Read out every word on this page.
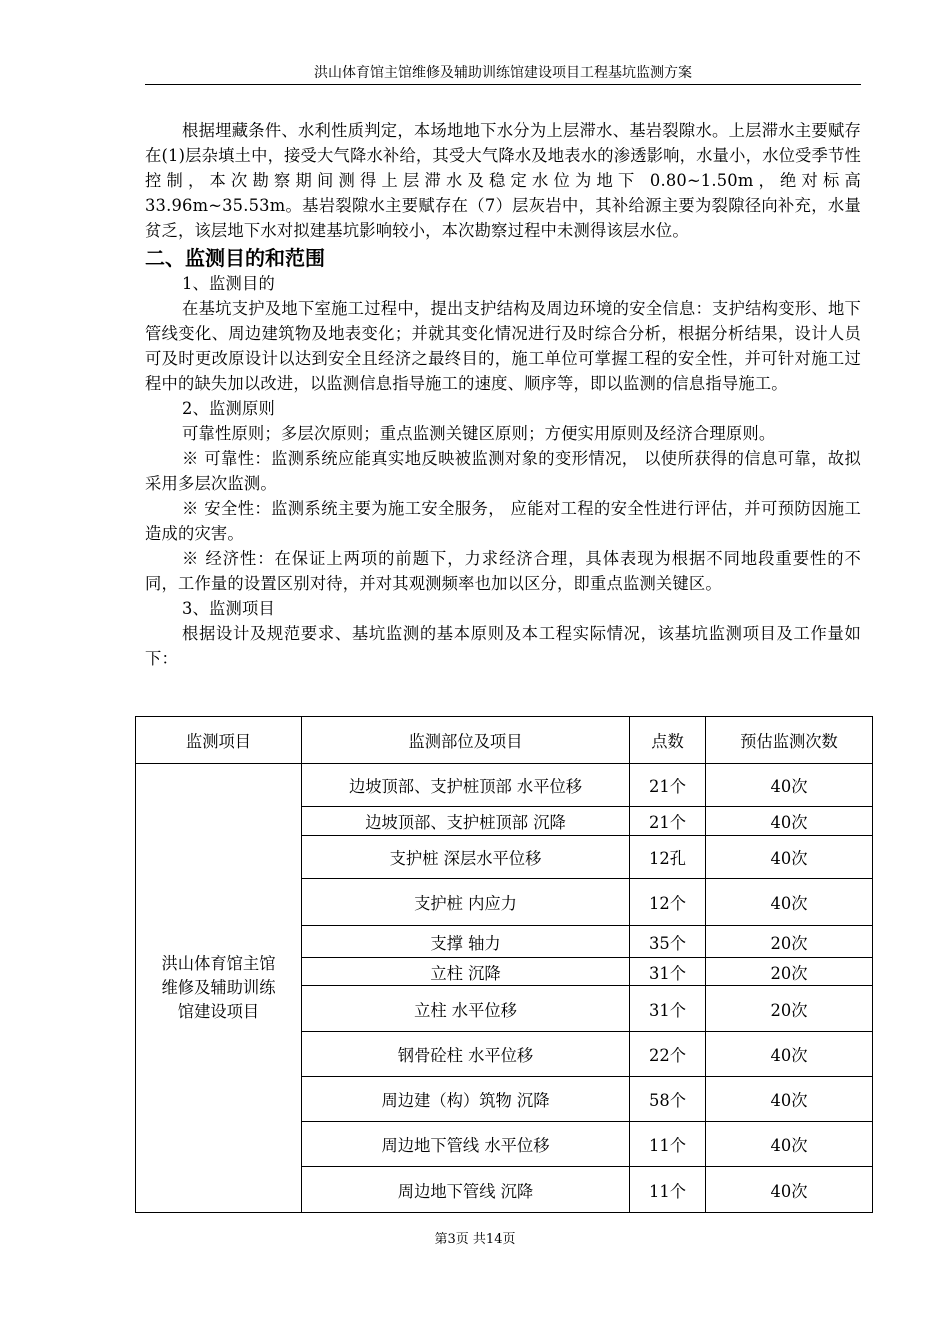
洪山体育馆主馆维修及辅助训练馆建设项目工程基坑监测方案

根据埋藏条件、水利性质判定，本场地地下水分为上层滞水、基岩裂隙水。上层滞水主要赋存在(1)层杂填土中，接受大气降水补给，其受大气降水及地表水的渗透影响，水量小，水位受季节性控制，本次勘察期间测得上层滞水及稳定水位为地下 0.80~1.50m，绝对标高 33.96m~35.53m。基岩裂隙水主要赋存在（7）层灰岩中，其补给源主要为裂隙径向补充，水量贫乏，该层地下水对拟建基坑影响较小，本次勘察过程中未测得该层水位。

二、监测目的和范围

1、监测目的

在基坑支护及地下室施工过程中，提出支护结构及周边环境的安全信息：支护结构变形、地下管线变化、周边建筑物及地表变化；并就其变化情况进行及时综合分析，根据分析结果，设计人员可及时更改原设计以达到安全且经济之最终目的，施工单位可掌握工程的安全性，并可针对施工过程中的缺失加以改进，以监测信息指导施工的速度、顺序等，即以监测的信息指导施工。

2、监测原则

可靠性原则；多层次原则；重点监测关键区原则；方便实用原则及经济合理原则。

※ 可靠性：监测系统应能真实地反映被监测对象的变形情况， 以使所获得的信息可靠，故拟采用多层次监测。

※ 安全性：监测系统主要为施工安全服务， 应能对工程的安全性进行评估，并可预防因施工造成的灾害。

※ 经济性：在保证上两项的前题下，力求经济合理，具体表现为根据不同地段重要性的不同，工作量的设置区别对待，并对其观测频率也加以区分，即重点监测关键区。

3、监测项目

根据设计及规范要求、基坑监测的基本原则及本工程实际情况，该基坑监测项目及工作量如下：

监测项目	监测部位及项目	点数	预估监测次数

洪山体育馆主馆维修及辅助训练馆建设项目	边坡顶部、支护桩顶部 水平位移	21个	40次
	边坡顶部、支护桩顶部 沉降	21个	40次
	支护桩 深层水平位移	12孔	40次
	支护桩 内应力	12个	40次
	支撑 轴力	35个	20次
	立柱 沉降	31个	20次
	立柱 水平位移	31个	20次
	钢骨砼柱 水平位移	22个	40次
	周边建（构）筑物 沉降	58个	40次
	周边地下管线 水平位移	11个	40次
	周边地下管线 沉降	11个	40次
第3页 共14页
